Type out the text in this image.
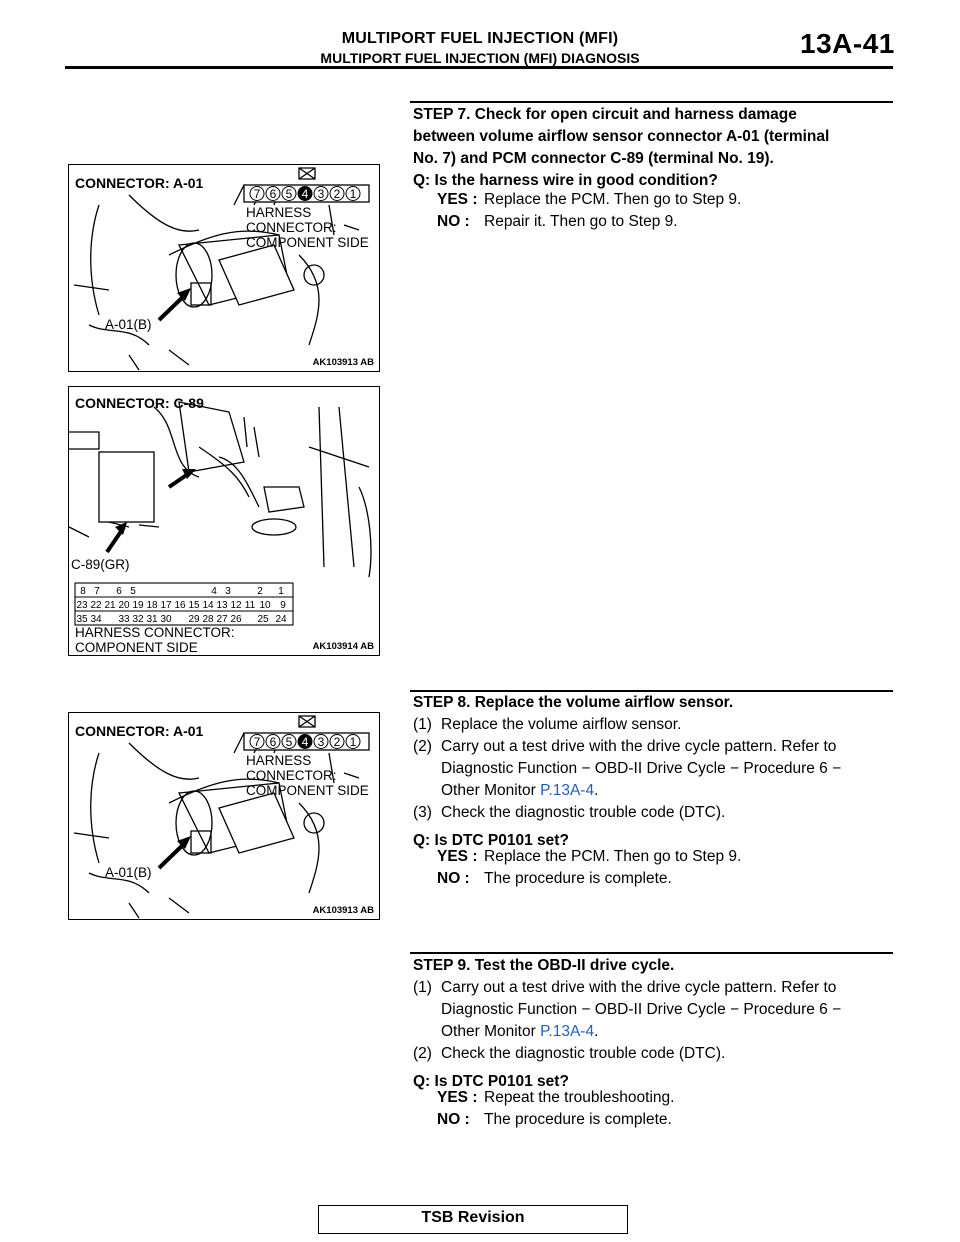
MULTIPORT FUEL INJECTION (MFI)
MULTIPORT FUEL INJECTION (MFI) DIAGNOSIS	13A-41
7 6 5 4 3 2 1
CONNECTOR: A-01
HARNESS
CONNECTOR:
COMPONENT SIDE
A-01(B)
AK103913 AB
8 7 6 5	4 3	2 1
23 22 21 20 19 18 17 16 15 14 13 12 11 10 9
35 34 33 32 31 30 29 28 27 26 25 24
CONNECTOR: C-89
C-89(GR)
HARNESS CONNECTOR:
COMPONENT SIDE	AK103914 AB
7 6 5 4 3 2 1
CONNECTOR: A-01
HARNESS
CONNECTOR:
COMPONENT SIDE
A-01(B)
AK103913 AB
STEP 7. Check for open circuit and harness damage
between volume airflow sensor connector A-01 (terminal
No. 7) and PCM connector C-89 (terminal No. 19).
Q: Is the harness wire in good condition?
YES : Replace the PCM. Then go to Step 9.
NO : Repair it. Then go to Step 9.
STEP 8. Replace the volume airflow sensor.
(1) Replace the volume airflow sensor.
(2) Carry out a test drive with the drive cycle pattern. Refer to
Diagnostic Function − OBD-II Drive Cycle − Procedure 6 −
Other Monitor P.13A-4.
(3) Check the diagnostic trouble code (DTC).
Q: Is DTC P0101 set?
YES : Replace the PCM. Then go to Step 9.
NO : The procedure is complete.
STEP 9. Test the OBD-II drive cycle.
(1) Carry out a test drive with the drive cycle pattern. Refer to
Diagnostic Function − OBD-II Drive Cycle − Procedure 6 −
Other Monitor P.13A-4.
(2) Check the diagnostic trouble code (DTC).
Q: Is DTC P0101 set?
YES : Repeat the troubleshooting.
NO : The procedure is complete.
TSB Revision
